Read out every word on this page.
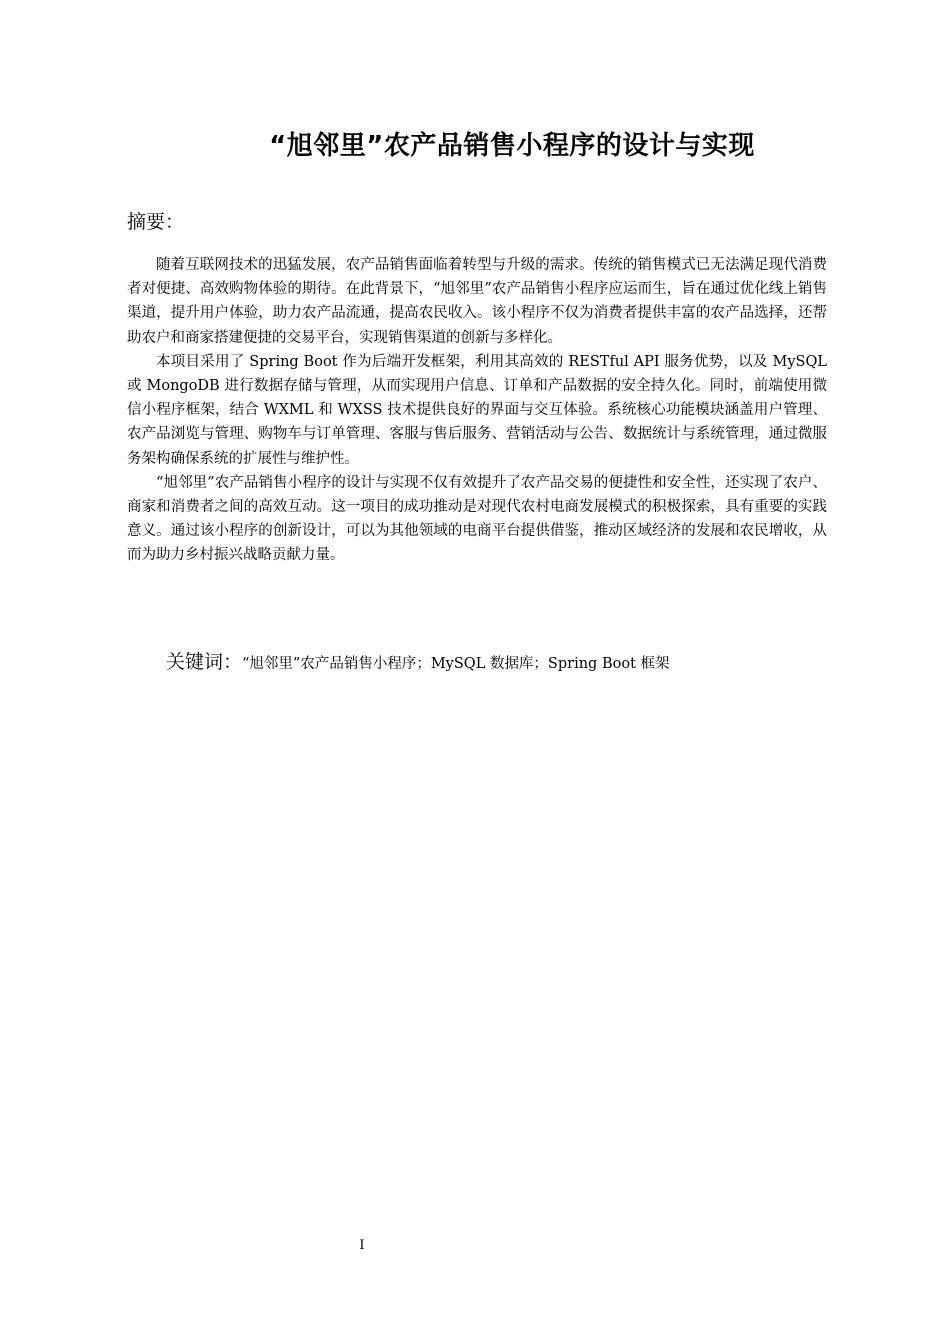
“旭邻里”农产品销售小程序的设计与实现
摘要：

随着互联网技术的迅猛发展，农产品销售面临着转型与升级的需求。传统的销售模式已无法满足现代消费者对便捷、高效购物体验的期待。在此背景下，“旭邻里”农产品销售小程序应运而生，旨在通过优化线上销售渠道，提升用户体验，助力农产品流通，提高农民收入。该小程序不仅为消费者提供丰富的农产品选择，还帮助农户和商家搭建便捷的交易平台，实现销售渠道的创新与多样化。

本项目采用了 Spring Boot 作为后端开发框架，利用其高效的 RESTful API 服务优势，以及 MySQL 或 MongoDB 进行数据存储与管理，从而实现用户信息、订单和产品数据的安全持久化。同时，前端使用微信小程序框架，结合 WXML 和 WXSS 技术提供良好的界面与交互体验。系统核心功能模块涵盖用户管理、农产品浏览与管理、购物车与订单管理、客服与售后服务、营销活动与公告、数据统计与系统管理，通过微服务架构确保系统的扩展性与维护性。

“旭邻里”农产品销售小程序的设计与实现不仅有效提升了农产品交易的便捷性和安全性，还实现了农户、商家和消费者之间的高效互动。这一项目的成功推动是对现代农村电商发展模式的积极探索，具有重要的实践意义。通过该小程序的创新设计，可以为其他领域的电商平台提供借鉴，推动区域经济的发展和农民增收，从而为助力乡村振兴战略贡献力量。

关键词：“旭邻里”农产品销售小程序；MySQL 数据库；Spring Boot 框架
I
